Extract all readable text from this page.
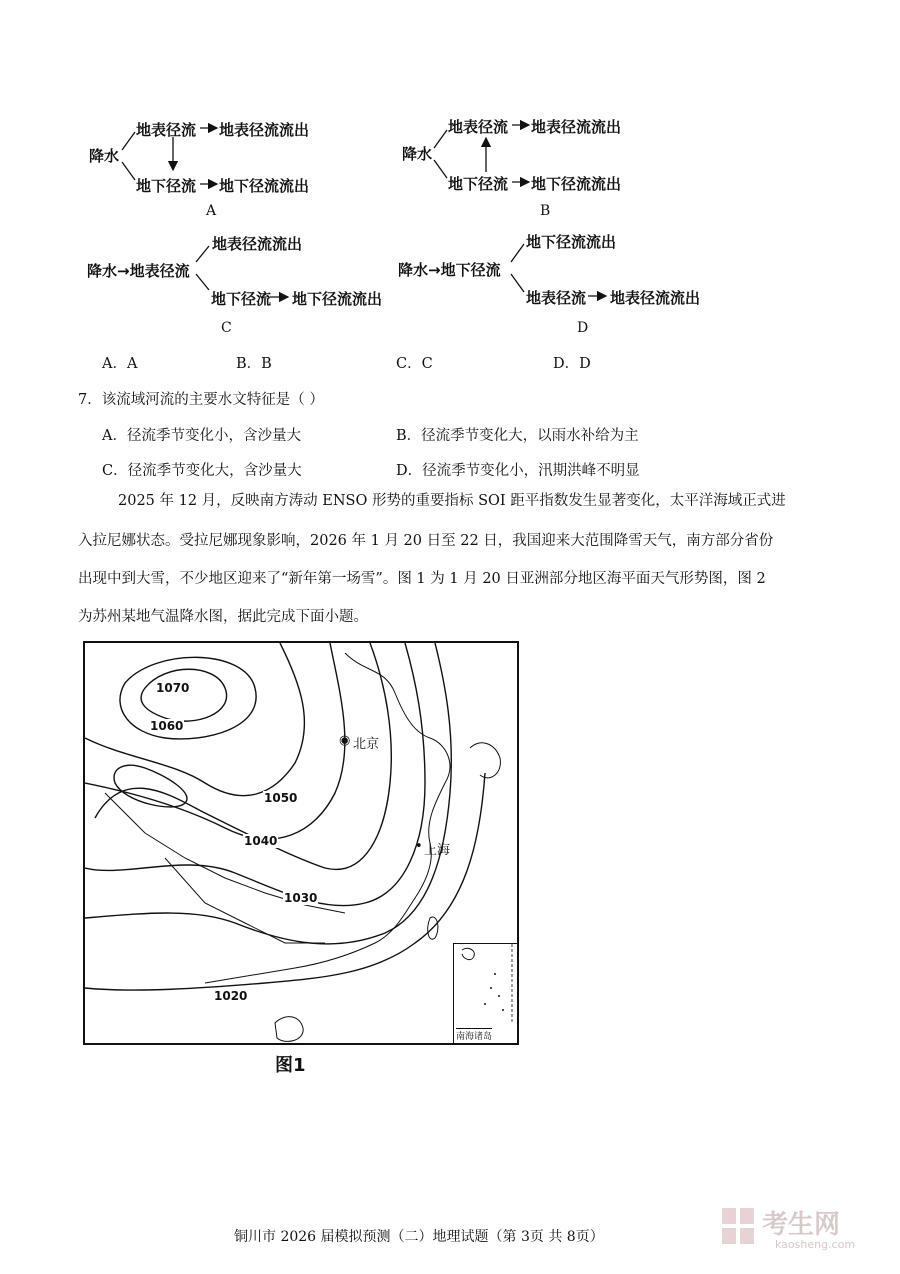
降水
地表径流 地表径流流出
地下径流 地下径流流出
A
降水
地表径流 地表径流流出
地下径流 地下径流流出
B
降水→地表径流
地表径流流出
地下径流 地下径流流出
C
降水→地下径流
地下径流流出
地表径流 地表径流流出
D
A．A	B．B	C．C	D．D
7．该流域河流的主要水文特征是（ ）
A．径流季节变化小，含沙量大	B．径流季节变化大，以雨水补给为主
C．径流季节变化大，含沙量大	D．径流季节变化小，汛期洪峰不明显
2025 年 12 月，反映南方涛动 ENSO 形势的重要指标 SOI 距平指数发生显著变化，太平洋海域正式进
入拉尼娜状态。受拉尼娜现象影响，2026 年 1 月 20 日至 22 日，我国迎来大范围降雪天气，南方部分省份
出现中到大雪，不少地区迎来了“新年第一场雪”。图 1 为 1 月 20 日亚洲部分地区海平面天气形势图，图 2
为苏州某地气温降水图，据此完成下面小题。
1070
1060
1050
1040
1030
1020
◉ 北京
• 上海
南海诸岛
图1
铜川市 2026 届模拟预测（二）地理试题（第 3页 共 8页）	考生网
kaosheng.com
